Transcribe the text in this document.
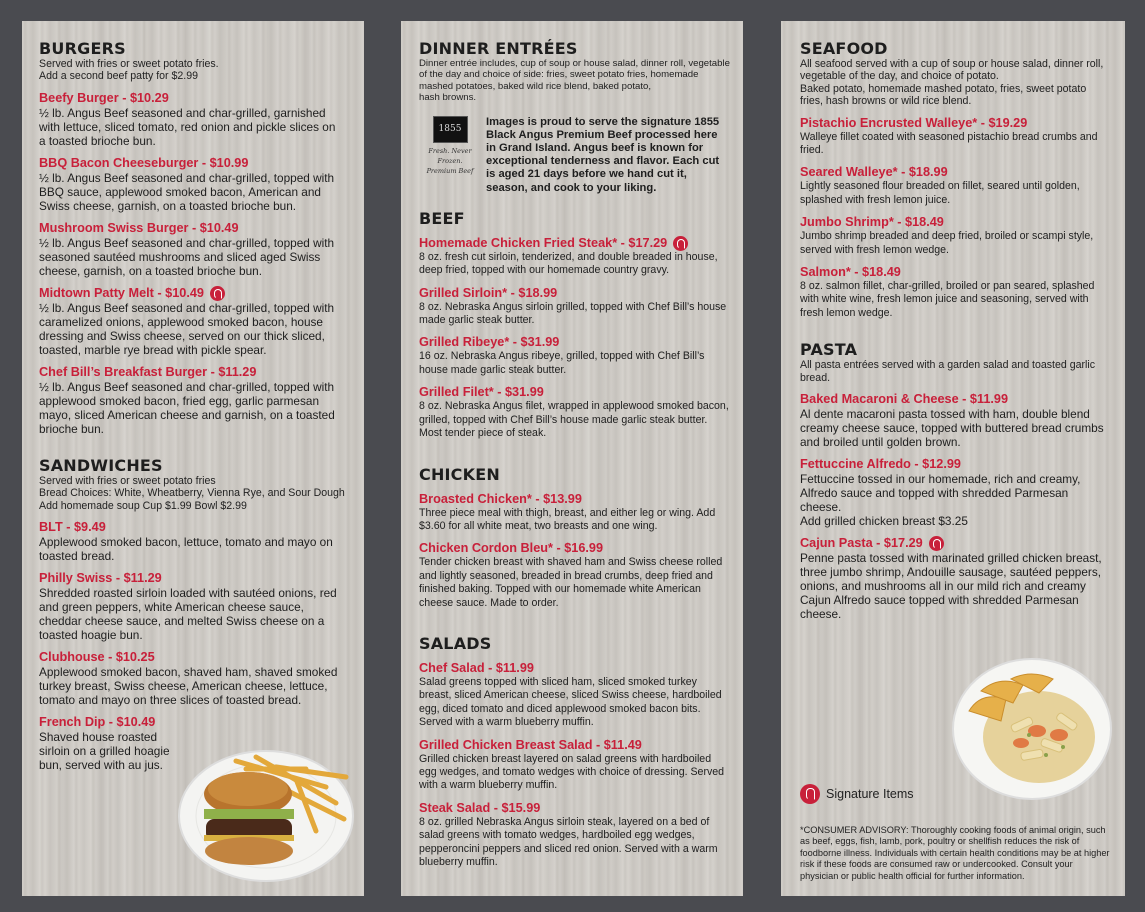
BURGERS

Served with fries or sweet potato fries.
Add a second beef patty for $2.99

Beefy Burger - $10.29
½ lb. Angus Beef seasoned and char-grilled, garnished with lettuce, sliced tomato, red onion and pickle slices on a toasted brioche bun.
BBQ Bacon Cheeseburger - $10.99
½ lb. Angus Beef seasoned and char-grilled, topped with BBQ sauce, applewood smoked bacon, American and Swiss cheese, garnish, on a toasted brioche bun.
Mushroom Swiss Burger - $10.49
½ lb. Angus Beef seasoned and char-grilled, topped with seasoned sautéed mushrooms and sliced aged Swiss cheese, garnish, on a toasted brioche bun.
Midtown Patty Melt - $10.49
½ lb. Angus Beef seasoned and char-grilled, topped with caramelized onions, applewood smoked bacon, house dressing and Swiss cheese, served on our thick sliced, toasted, marble rye bread with pickle spear.
Chef Bill’s Breakfast Burger - $11.29
½ lb. Angus Beef seasoned and char-grilled, topped with applewood smoked bacon, fried egg, garlic parmesan mayo, sliced American cheese and garnish, on a toasted brioche bun.
SANDWICHES

Served with fries or sweet potato fries
Bread Choices: White, Wheatberry, Vienna Rye, and Sour Dough
Add homemade soup Cup $1.99 Bowl $2.99

BLT - $9.49
Applewood smoked bacon, lettuce, tomato and mayo on toasted bread.
Philly Swiss - $11.29
Shredded roasted sirloin loaded with sautéed onions, red and green peppers, white American cheese sauce, cheddar cheese sauce, and melted Swiss cheese on a toasted hoagie bun.
Clubhouse - $10.25
Applewood smoked bacon, shaved ham, shaved smoked turkey breast, Swiss cheese, American cheese, lettuce, tomato and mayo on three slices of toasted bread.
French Dip - $10.49
Shaved house roasted sirloin on a grilled hoagie bun, served with au jus.
DINNER ENTRÉES

Dinner entrée includes, cup of soup or house salad, dinner roll, vegetable of the day and choice of side: fries, sweet potato fries, homemade mashed potatoes, baked wild rice blend, baked potato,
hash browns.

1855
Fresh. Never Frozen.
Premium Beef
Images is proud to serve the signature 1855 Black Angus Premium Beef processed here in Grand Island. Angus beef is known for exceptional tenderness and flavor. Each cut is aged 21 days before we hand cut it, season, and cook to your liking.
BEEF
Homemade Chicken Fried Steak* - $17.29
8 oz. fresh cut sirloin, tenderized, and double breaded in house, deep fried, topped with our homemade country gravy.
Grilled Sirloin* - $18.99
8 oz. Nebraska Angus sirloin grilled, topped with Chef Bill’s house made garlic steak butter.
Grilled Ribeye* - $31.99
16 oz. Nebraska Angus ribeye, grilled, topped with Chef Bill’s house made garlic steak butter.
Grilled Filet* - $31.99
8 oz. Nebraska Angus filet, wrapped in applewood smoked bacon, grilled, topped with Chef Bill’s house made garlic steak butter. Most tender piece of steak.
CHICKEN
Broasted Chicken* - $13.99
Three piece meal with thigh, breast, and either leg or wing. Add $3.60 for all white meat, two breasts and one wing.
Chicken Cordon Bleu* - $16.99
Tender chicken breast with shaved ham and Swiss cheese rolled and lightly seasoned, breaded in bread crumbs, deep fried and finished baking. Topped with our homemade white American cheese sauce. Made to order.
SALADS
Chef Salad - $11.99
Salad greens topped with sliced ham, sliced smoked turkey breast, sliced American cheese, sliced Swiss cheese, hardboiled egg, diced tomato and diced applewood smoked bacon bits. Served with a warm blueberry muffin.
Grilled Chicken Breast Salad - $11.49
Grilled chicken breast layered on salad greens with hardboiled egg wedges, and tomato wedges with choice of dressing. Served with a warm blueberry muffin.
Steak Salad - $15.99
8 oz. grilled Nebraska Angus sirloin steak, layered on a bed of salad greens with tomato wedges, hardboiled egg wedges, pepperoncini peppers and sliced red onion. Served with a warm blueberry muffin.
SEAFOOD

All seafood served with a cup of soup or house salad, dinner roll, vegetable of the day, and choice of potato.
Baked potato, homemade mashed potato, fries, sweet potato fries, hash browns or wild rice blend.

Pistachio Encrusted Walleye* - $19.29
Walleye fillet coated with seasoned pistachio bread crumbs and fried.
Seared Walleye* - $18.99
Lightly seasoned flour breaded on fillet, seared until golden, splashed with fresh lemon juice.
Jumbo Shrimp* - $18.49
Jumbo shrimp breaded and deep fried, broiled or scampi style, served with fresh lemon wedge.
Salmon* - $18.49
8 oz. salmon fillet, char-grilled, broiled or pan seared, splashed with white wine, fresh lemon juice and seasoning, served with fresh lemon wedge.
PASTA

All pasta entrées served with a garden salad and toasted garlic bread.

Baked Macaroni & Cheese - $11.99
Al dente macaroni pasta tossed with ham, double blend creamy cheese sauce, topped with buttered bread crumbs and broiled until golden brown.
Fettuccine Alfredo - $12.99
Fettuccine tossed in our homemade, rich and creamy, Alfredo sauce and topped with shredded Parmesan cheese.
Add grilled chicken breast $3.25
Cajun Pasta - $17.29
Penne pasta tossed with marinated grilled chicken breast, three jumbo shrimp, Andouille sausage, sautéed peppers, onions, and mushrooms all in our mild rich and creamy Cajun Alfredo sauce topped with shredded Parmesan cheese.
Signature Items
*CONSUMER ADVISORY: Thoroughly cooking foods of animal origin, such as beef, eggs, fish, lamb, pork, poultry or shellfish reduces the risk of foodborne illness. Individuals with certain health conditions may be at higher risk if these foods are consumed raw or undercooked. Consult your physician or public health official for further information.
